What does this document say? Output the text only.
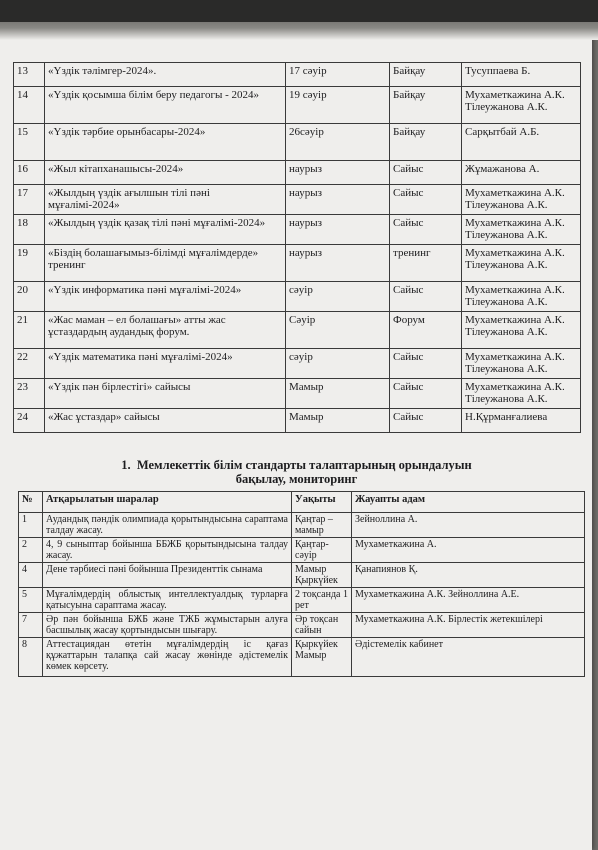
13	«Үздік тәлімгер-2024».	17 сәуір	Байқау	Тусуппаева Б.
14	«Үздік қосымша білім беру педагогы - 2024»	19 сәуір	Байқау	Мухаметкажина А.К. Тілеужанова А.К.
15	«Үздік тәрбие орынбасары-2024»	26сәуір	Байқау	Сарқытбай А.Б.
16	«Жыл кітапханашысы-2024»	наурыз	Сайыс	Жұмажанова А.
17	«Жылдың үздік ағылшын тілі пәні мұғалімі-2024»	наурыз	Сайыс	Мухаметкажина А.К. Тілеужанова А.К.
18	«Жылдың үздік қазақ тілі пәні мұғалімі-2024»	наурыз	Сайыс	Мухаметкажина А.К. Тілеужанова А.К.
19	«Біздің болашағымыз-білімді мұғалімдерде» тренинг	наурыз	тренинг	Мухаметкажина А.К. Тілеужанова А.К.
20	«Үздік информатика пәні мұғалімі-2024»	сәуір	Сайыс	Мухаметкажина А.К. Тілеужанова А.К.
21	«Жас маман – ел болашағы» атты жас ұстаздардың аудандық форум.	Сәуір	Форум	Мухаметкажина А.К. Тілеужанова А.К.
22	«Үздік математика пәні мұғалімі-2024»	сәуір	Сайыс	Мухаметкажина А.К. Тілеужанова А.К.
23	«Үздік пән бірлестігі» сайысы	Мамыр	Сайыс	Мухаметкажина А.К. Тілеужанова А.К.
24	«Жас ұстаздар» сайысы	Мамыр	Сайыс	Н.Құрманғалиева
1. Мемлекеттік білім стандарты талаптарының орындалуын
бақылау, мониторинг
№	Атқарылатын шаралар	Уақыты	Жауапты адам
1	Аудандық пәндік олимпиада қорытындысына сараптама талдау жасау.	Қаңтар – мамыр	Зейноллина А.
2	4, 9 сыныптар бойынша ББЖБ қорытындысына талдау жасау.	Қаңтар-сәуір	Мухаметкажина А.
4	Дене тәрбиесі пәні бойынша Президенттік сынама	Мамыр Қыркүйек	Қанапиянов Қ.
5	Мұғалімдердің облыстық интеллектуалдық турларға қатысуына сараптама жасау.	2 тоқсанда 1 рет	Мухаметкажина А.К. Зейноллина А.Е.
7	Әр пән бойынша БЖБ және ТЖБ жұмыстарын алуға басшылық жасау қортындысын шығару.	Әр тоқсан сайын	Мухаметкажина А.К. Бірлестік жетекшілері
8	Аттестациядан өтетін мұғалімдердің іс қағаз құжаттарын талапқа сай жасау жөнінде әдістемелік көмек көрсету.	Қыркүйек Мамыр	Әдістемелік кабинет
